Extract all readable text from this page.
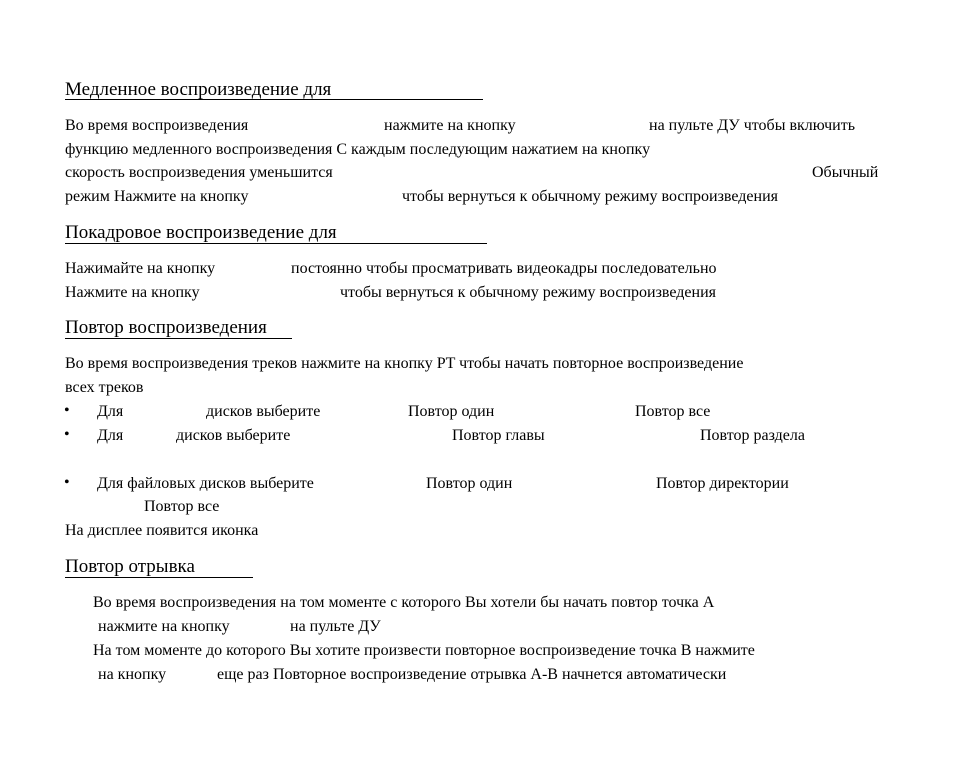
Медленное воспроизведение для
Во время воспроизведения	нажмите на кнопку	на пульте ДУ чтобы включить
функцию медленного воспроизведения С каждым последующим нажатием на кнопку
скорость воспроизведения уменьшится	Обычный
режим Нажмите на кнопку	чтобы вернуться к обычному режиму воспроизведения
Покадровое воспроизведение для
Нажимайте на кнопку	постоянно чтобы просматривать видеокадры последовательно
Нажмите на кнопку	чтобы вернуться к обычному режиму воспроизведения
Повтор воспроизведения
Во время воспроизведения треков нажмите на кнопку PT чтобы начать повторное воспроизведение
всех треков
• Для	дисков выберите	Повтор один	Повтор все
• Для	дисков выберите	Повтор главы	Повтор раздела
• Для файловых дисков выберите	Повтор один	Повтор директории
Повтор все
На дисплее появится иконка
Повтор отрывка
Во время воспроизведения на том моменте с которого Вы хотели бы начать повтор точка A
нажмите на кнопку	на пульте ДУ
На том моменте до которого Вы хотите произвести повторное воспроизведение точка B нажмите
на кнопку	еще раз Повторное воспроизведение отрывка A-B начнется автоматически
